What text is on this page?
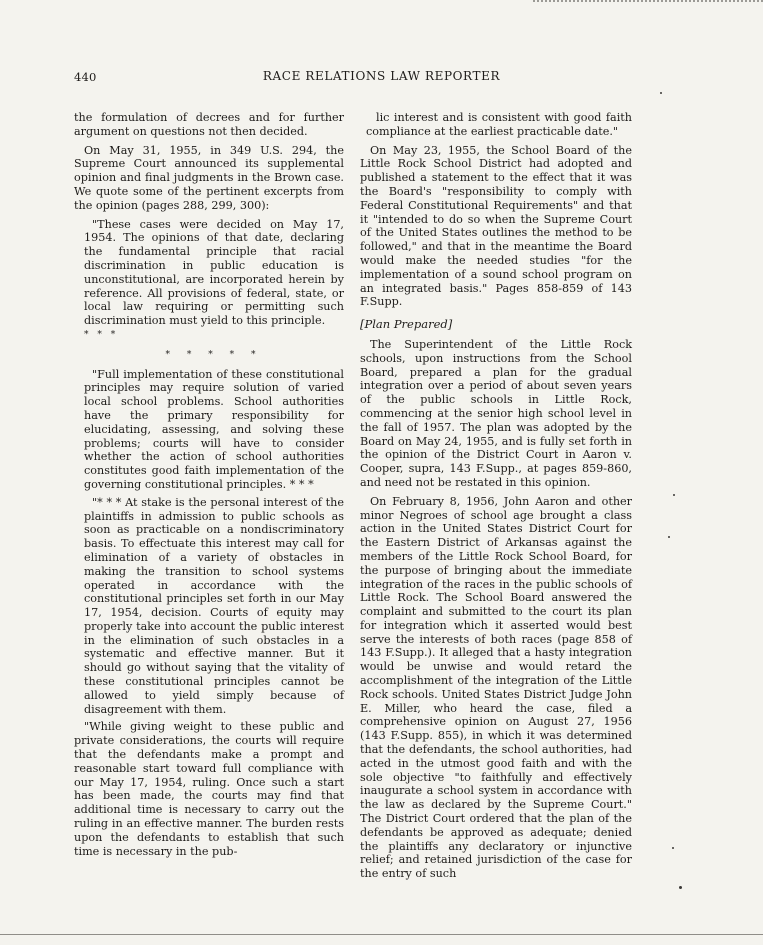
440	RACE RELATIONS LAW REPORTER

the formulation of decrees and for further argument on questions not then decided.

On May 31, 1955, in 349 U.S. 294, the Supreme Court announced its supplemental opinion and final judgments in the Brown case. We quote some of the pertinent excerpts from the opinion (pages 288, 299, 300):

"These cases were decided on May 17, 1954. The opinions of that date, declaring the fundamental principle that racial discrimination in public education is unconstitutional, are incorporated herein by reference. All provisions of federal, state, or local law requiring or permitting such discrimination must yield to this principle.

* * *
* * * * *

"Full implementation of these constitutional principles may require solution of varied local school problems. School authorities have the primary responsibility for elucidating, assessing, and solving these problems; courts will have to consider whether the action of school authorities constitutes good faith implementation of the governing constitutional principles. * * *

"* * * At stake is the personal interest of the plaintiffs in admission to public schools as soon as practicable on a nondiscriminatory basis. To effectuate this interest may call for elimination of a variety of obstacles in making the transition to school systems operated in accordance with the constitutional principles set forth in our May 17, 1954, decision. Courts of equity may properly take into account the public interest in the elimination of such obstacles in a systematic and effective manner. But it should go without saying that the vitality of these constitutional principles cannot be allowed to yield simply because of disagreement with them.

"While giving weight to these public and private considerations, the courts will require that the defendants make a prompt and reasonable start toward full compliance with our May 17, 1954, ruling. Once such a start has been made, the courts may find that additional time is necessary to carry out the ruling in an effective manner. The burden rests upon the defendants to establish that such time is necessary in the pub-

lic interest and is consistent with good faith compliance at the earliest practicable date."

On May 23, 1955, the School Board of the Little Rock School District had adopted and published a statement to the effect that it was the Board's "responsibility to comply with Federal Constitutional Requirements" and that it "intended to do so when the Supreme Court of the United States outlines the method to be followed," and that in the meantime the Board would make the needed studies "for the implementation of a sound school program on an integrated basis." Pages 858-859 of 143 F.Supp.

[Plan Prepared]

The Superintendent of the Little Rock schools, upon instructions from the School Board, prepared a plan for the gradual integration over a period of about seven years of the public schools in Little Rock, commencing at the senior high school level in the fall of 1957. The plan was adopted by the Board on May 24, 1955, and is fully set forth in the opinion of the District Court in Aaron v. Cooper, supra, 143 F.Supp., at pages 859-860, and need not be restated in this opinion.

On February 8, 1956, John Aaron and other minor Negroes of school age brought a class action in the United States District Court for the Eastern District of Arkansas against the members of the Little Rock School Board, for the purpose of bringing about the immediate integration of the races in the public schools of Little Rock. The School Board answered the complaint and submitted to the court its plan for integration which it asserted would best serve the interests of both races (page 858 of 143 F.Supp.). It alleged that a hasty integration would be unwise and would retard the accomplishment of the integration of the Little Rock schools. United States District Judge John E. Miller, who heard the case, filed a comprehensive opinion on August 27, 1956 (143 F.Supp. 855), in which it was determined that the defendants, the school authorities, had acted in the utmost good faith and with the sole objective "to faithfully and effectively inaugurate a school system in accordance with the law as declared by the Supreme Court." The District Court ordered that the plan of the defendants be approved as adequate; denied the plaintiffs any declaratory or injunctive relief; and retained jurisdiction of the case for the entry of such
